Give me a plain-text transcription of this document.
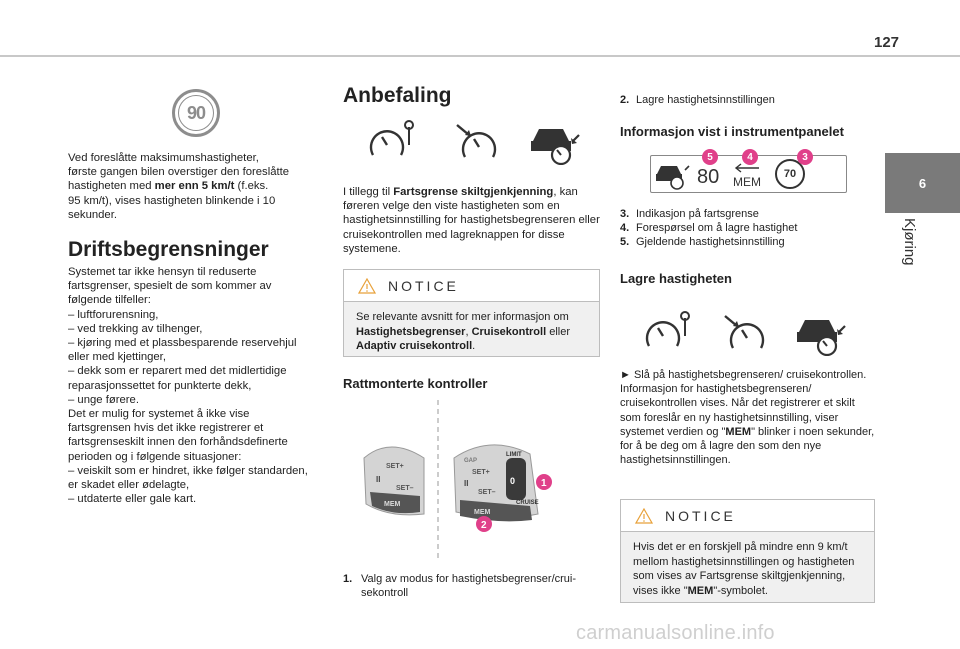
127
6
Kjøring
90

Ved foreslåtte maksimumshastigheter,
første gangen bilen overstiger den foreslåtte
hastigheten med mer enn 5 km/t (f.eks.
95 km/t), vises hastigheten blinkende i 10
sekunder.

Driftsbegrensninger

Systemet tar ikke hensyn til reduserte
fartsgrenser, spesielt de som kommer av
følgende tilfeller:
– luftforurensning,
– ved trekking av tilhenger,
– kjøring med et plassbesparende reservehjul
eller med kjettinger,
– dekk som er reparert med det midlertidige
reparasjonssettet for punkterte dekk,
– unge førere.
Det er mulig for systemet å ikke vise
fartsgrensen hvis det ikke registrerer et
fartsgrenseskilt innen den forhåndsdefinerte
perioden og i følgende situasjoner:
– veiskilt som er hindret, ikke følger standarden,
er skadet eller ødelagte,
– utdaterte eller gale kart.

Anbefaling

I tillegg til Fartsgrense skiltgjenkjenning, kan føreren velge den viste hastigheten som en hastighetsinnstilling for hastighetsbegrenseren eller cruisekontrollen med lagreknappen for disse systemene.

NOTICE
Se relevante avsnitt for mer informasjon om Hastighetsbegrenser, Cruisekontroll eller Adaptiv cruisekontroll.
Rattmonterte kontroller
SET+
II
SET–
MEM
GAP
SET+
II
SET–
LIMIT
0
CRUISE
MEM
1
2
1. Valg av modus for hastighetsbegrenser/crui-sekontroll
2. Lagre hastighetsinnstillingen
Informasjon vist i instrumentpanelet
80 MEM
70
5	4	3
3. Indikasjon på fartsgrense
4. Forespørsel om å lagre hastighet
5. Gjeldende hastighetsinnstilling
Lagre hastigheten

► Slå på hastighetsbegrenseren/ cruisekontrollen. Informasjon for hastighetsbegrenseren/ cruisekontrollen vises. Når det registrerer et skilt som foreslår en ny hastighetsinnstilling, viser systemet verdien og "MEM" blinker i noen sekunder, for å be deg om å lagre den som den nye hastighetsinnstillingen.

NOTICE
Hvis det er en forskjell på mindre enn 9 km/t mellom hastighetsinnstillingen og hastigheten som vises av Fartsgrense skiltgjenkjenning, vises ikke "MEM"-symbolet.
carmanualsonline.info
